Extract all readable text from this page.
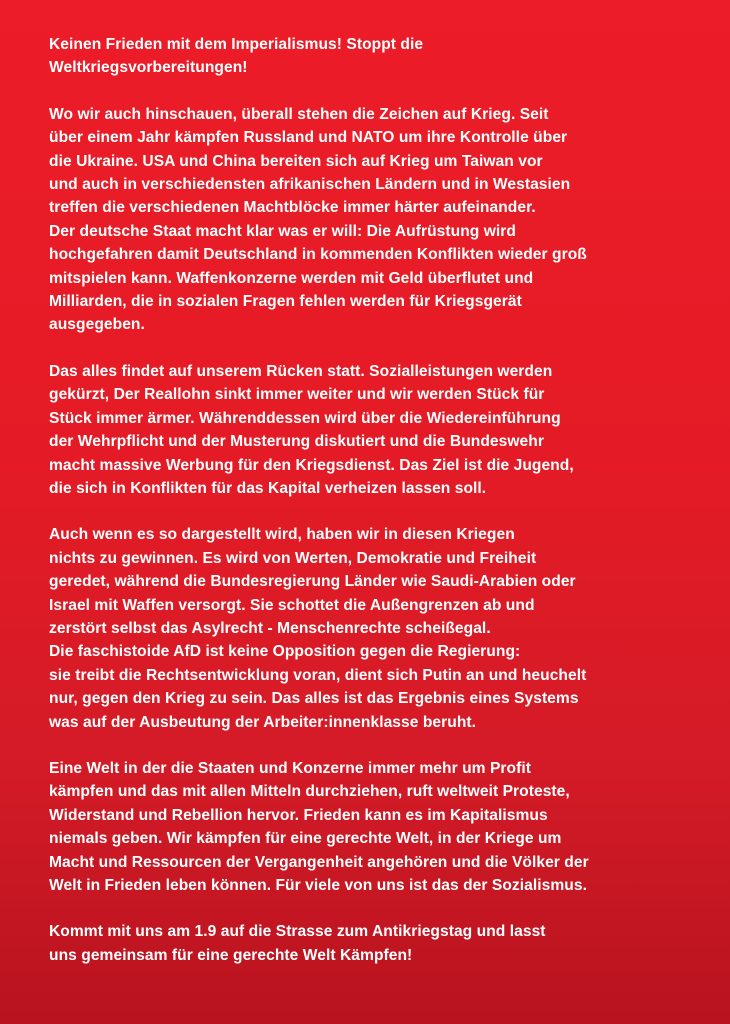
Keinen Frieden mit dem Imperialismus! Stoppt die
Weltkriegsvorbereitungen!

Wo wir auch hinschauen, überall stehen die Zeichen auf Krieg. Seit
über einem Jahr kämpfen Russland und NATO um ihre Kontrolle über
die Ukraine. USA und China bereiten sich auf Krieg um Taiwan vor
und auch in verschiedensten afrikanischen Ländern und in Westasien
treffen die verschiedenen Machtblöcke immer härter aufeinander.
Der deutsche Staat macht klar was er will: Die Aufrüstung wird
hochgefahren damit Deutschland in kommenden Konflikten wieder groß
mitspielen kann. Waffenkonzerne werden mit Geld überflutet und
Milliarden, die in sozialen Fragen fehlen werden für Kriegsgerät
ausgegeben.

Das alles findet auf unserem Rücken statt. Sozialleistungen werden
gekürzt, Der Reallohn sinkt immer weiter und wir werden Stück für
Stück immer ärmer. Währenddessen wird über die Wiedereinführung
der Wehrpflicht und der Musterung diskutiert und die Bundeswehr
macht massive Werbung für den Kriegsdienst. Das Ziel ist die Jugend,
die sich in Konflikten für das Kapital verheizen lassen soll.

Auch wenn es so dargestellt wird, haben wir in diesen Kriegen
nichts zu gewinnen. Es wird von Werten, Demokratie und Freiheit
geredet, während die Bundesregierung Länder wie Saudi-Arabien oder
Israel mit Waffen versorgt. Sie schottet die Außengrenzen ab und
zerstört selbst das Asylrecht - Menschenrechte scheißegal.
Die faschistoide AfD ist keine Opposition gegen die Regierung:
sie treibt die Rechtsentwicklung voran, dient sich Putin an und heuchelt
nur, gegen den Krieg zu sein. Das alles ist das Ergebnis eines Systems
was auf der Ausbeutung der Arbeiter:innenklasse beruht.

Eine Welt in der die Staaten und Konzerne immer mehr um Profit
kämpfen und das mit allen Mitteln durchziehen, ruft weltweit Proteste,
Widerstand und Rebellion hervor. Frieden kann es im Kapitalismus
niemals geben. Wir kämpfen für eine gerechte Welt, in der Kriege um
Macht und Ressourcen der Vergangenheit angehören und die Völker der
Welt in Frieden leben können. Für viele von uns ist das der Sozialismus.

Kommt mit uns am 1.9 auf die Strasse zum Antikriegstag und lasst
uns gemeinsam für eine gerechte Welt Kämpfen!
